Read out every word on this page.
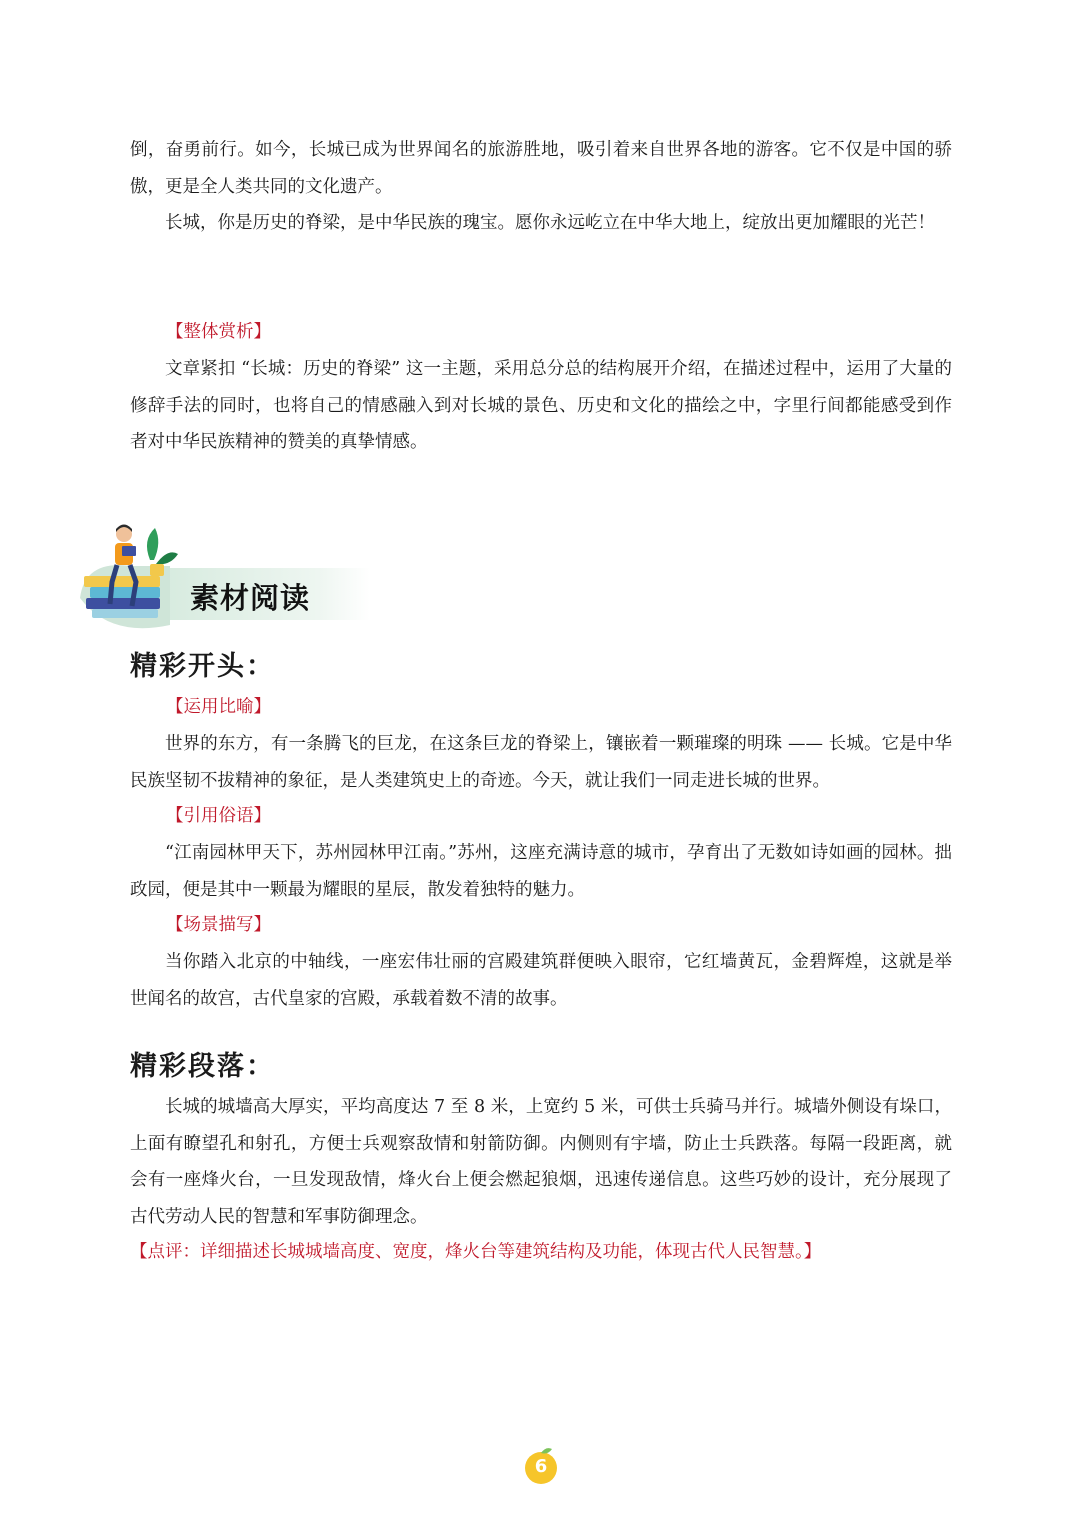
倒，奋勇前行。如今，长城已成为世界闻名的旅游胜地，吸引着来自世界各地的游客。它不仅是中国的骄傲，更是全人类共同的文化遗产。

长城，你是历史的脊梁，是中华民族的瑰宝。愿你永远屹立在中华大地上，绽放出更加耀眼的光芒！

【整体赏析】

文章紧扣 “长城：历史的脊梁” 这一主题，采用总分总的结构展开介绍，在描述过程中，运用了大量的修辞手法的同时，也将自己的情感融入到对长城的景色、历史和文化的描绘之中，字里行间都能感受到作者对中华民族精神的赞美的真挚情感。

素材阅读
精彩开头：
【运用比喻】

世界的东方，有一条腾飞的巨龙，在这条巨龙的脊梁上，镶嵌着一颗璀璨的明珠 —— 长城。它是中华民族坚韧不拔精神的象征，是人类建筑史上的奇迹。今天，就让我们一同走进长城的世界。

【引用俗语】

“江南园林甲天下，苏州园林甲江南。”苏州，这座充满诗意的城市，孕育出了无数如诗如画的园林。拙政园，便是其中一颗最为耀眼的星辰，散发着独特的魅力。

【场景描写】

当你踏入北京的中轴线，一座宏伟壮丽的宫殿建筑群便映入眼帘，它红墙黄瓦，金碧辉煌，这就是举世闻名的故宫，古代皇家的宫殿，承载着数不清的故事。

精彩段落：

长城的城墙高大厚实，平均高度达 7 至 8 米，上宽约 5 米，可供士兵骑马并行。城墙外侧设有垛口，上面有瞭望孔和射孔，方便士兵观察敌情和射箭防御。内侧则有宇墙，防止士兵跌落。每隔一段距离，就会有一座烽火台，一旦发现敌情，烽火台上便会燃起狼烟，迅速传递信息。这些巧妙的设计，充分展现了古代劳动人民的智慧和军事防御理念。

【点评：详细描述长城城墙高度、宽度，烽火台等建筑结构及功能，体现古代人民智慧。】
6
